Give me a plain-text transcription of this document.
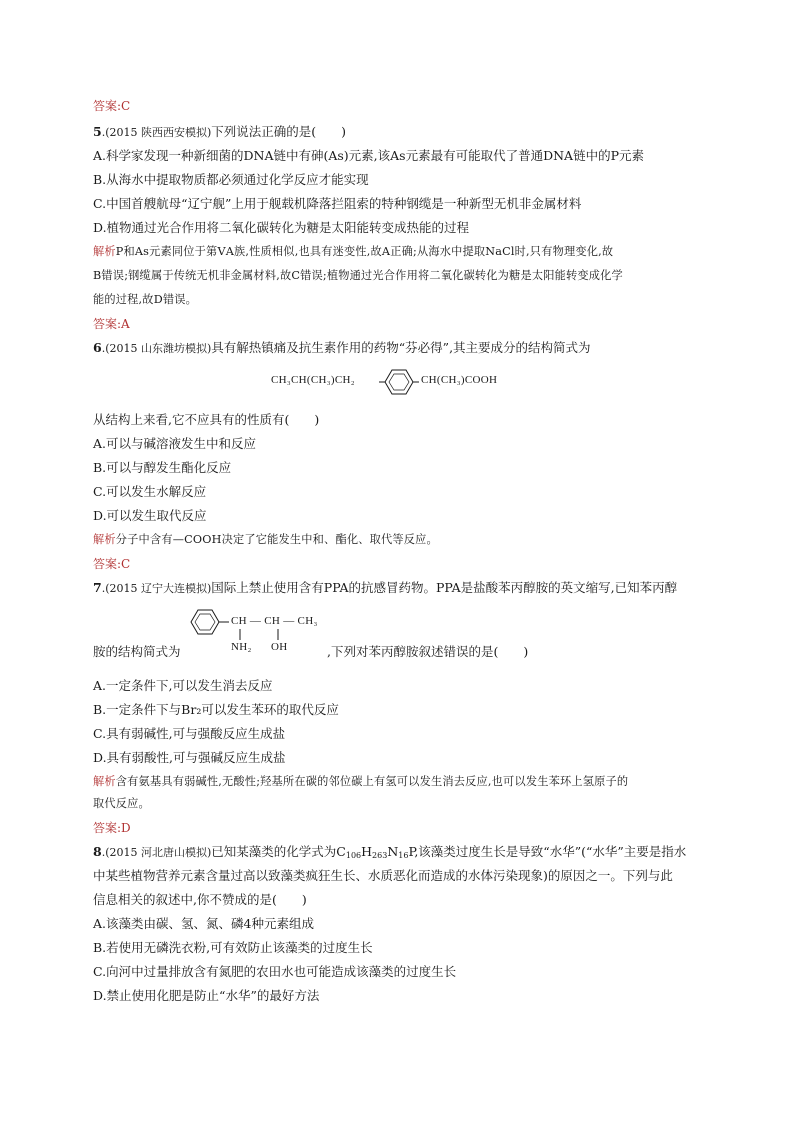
答案:C
5.(2015 陕西西安模拟)下列说法正确的是(　　)
A.科学家发现一种新细菌的DNA链中有砷(As)元素,该As元素最有可能取代了普通DNA链中的P元素
B.从海水中提取物质都必须通过化学反应才能实现
C.中国首艘航母“辽宁舰”上用于舰载机降落拦阻索的特种钢缆是一种新型无机非金属材料
D.植物通过光合作用将二氧化碳转化为糖是太阳能转变成热能的过程
解析P和As元素同位于第ⅤA族,性质相似,也具有迷变性,故A正确;从海水中提取NaCl时,只有物理变化,故
B错误;钢缆属于传统无机非金属材料,故C错误;植物通过光合作用将二氧化碳转化为糖是太阳能转变成化学
能的过程,故D错误。
答案:A
6.(2015 山东潍坊模拟)具有解热镇痛及抗生素作用的药物“芬必得”,其主要成分的结构简式为
CH₃CH(CH₃)CH₂	CH(CH₃)COOH
从结构上来看,它不应具有的性质有(　　)
A.可以与碱溶液发生中和反应
B.可以与醇发生酯化反应
C.可以发生水解反应
D.可以发生取代反应
解析分子中含有—COOH决定了它能发生中和、酯化、取代等反应。
答案:C
7.(2015 辽宁大连模拟)国际上禁止使用含有PPA的抗感冒药物。PPA是盐酸苯丙醇胺的英文缩写,已知苯丙醇
CH — CH — CH₃
NH₂ OH
胺的结构简式为	,下列对苯丙醇胺叙述错误的是(　　)
A.一定条件下,可以发生消去反应
B.一定条件下与Br₂可以发生苯环的取代反应
C.具有弱碱性,可与强酸反应生成盐
D.具有弱酸性,可与强碱反应生成盐
解析含有氨基具有弱碱性,无酸性;羟基所在碳的邻位碳上有氢可以发生消去反应,也可以发生苯环上氢原子的
取代反应。
答案:D
8.(2015 河北唐山模拟)已知某藻类的化学式为$C_{106}H_{263}N_{16}P$,该藻类过度生长是导致“水华”(“水华”主要是指水
中某些植物营养元素含量过高以致藻类疯狂生长、水质恶化而造成的水体污染现象)的原因之一。下列与此
信息相关的叙述中,你不赞成的是(　　)
A.该藻类由碳、氢、氮、磷4种元素组成
B.若使用无磷洗衣粉,可有效防止该藻类的过度生长
C.向河中过量排放含有氮肥的农田水也可能造成该藻类的过度生长
D.禁止使用化肥是防止“水华”的最好方法
